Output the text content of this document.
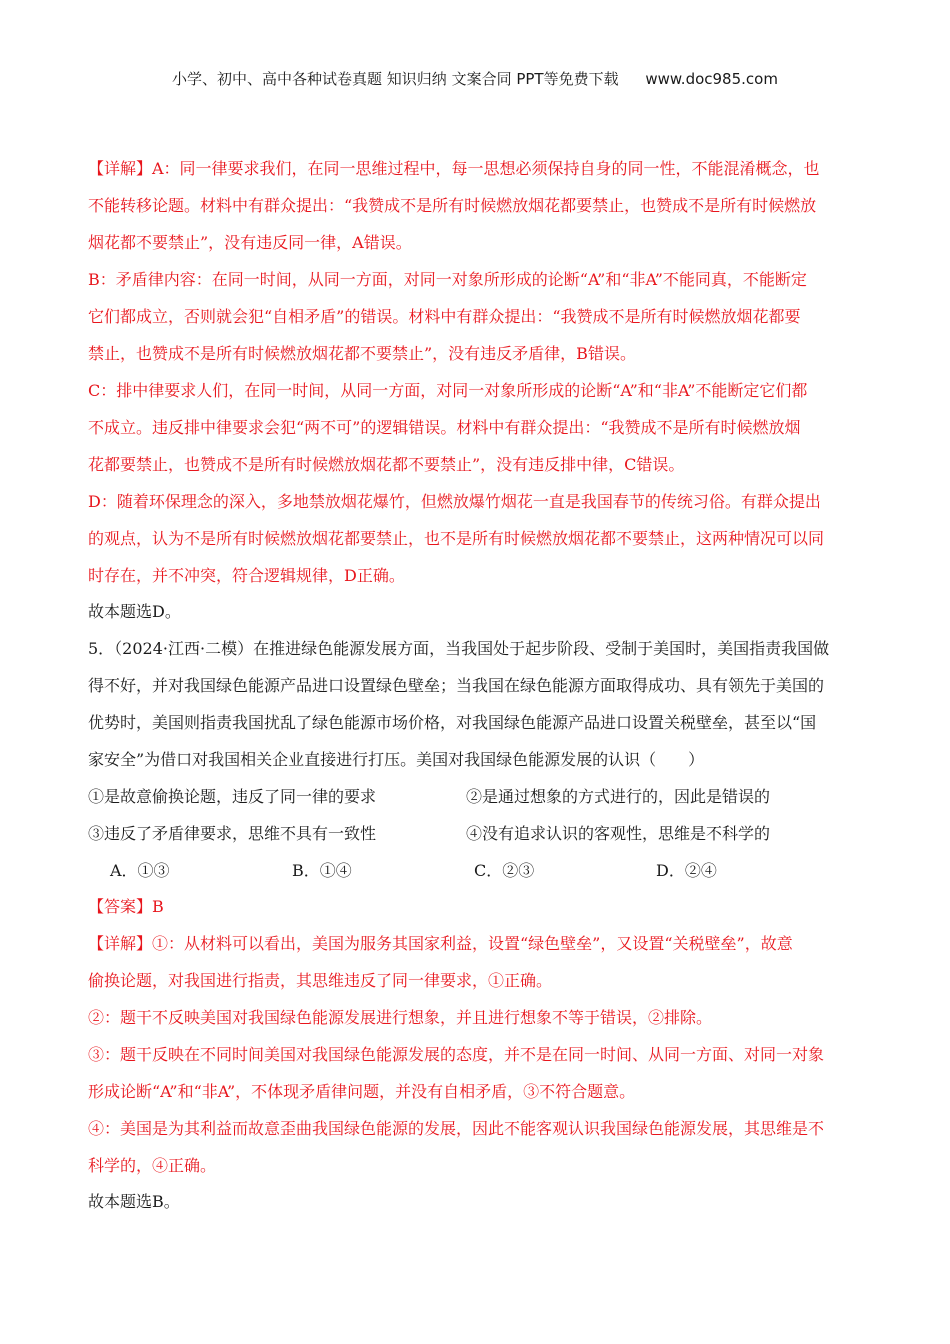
小学、初中、高中各种试卷真题 知识归纳 文案合同 PPT等免费下载 www.doc985.com
【详解】A：同一律要求我们，在同一思维过程中，每一思想必须保持自身的同一性，不能混淆概念，也
不能转移论题。材料中有群众提出：“我赞成不是所有时候燃放烟花都要禁止，也赞成不是所有时候燃放
烟花都不要禁止”，没有违反同一律，A错误。
B：矛盾律内容：在同一时间，从同一方面，对同一对象所形成的论断“A”和“非A”不能同真，不能断定
它们都成立，否则就会犯“自相矛盾”的错误。材料中有群众提出：“我赞成不是所有时候燃放烟花都要
禁止，也赞成不是所有时候燃放烟花都不要禁止”，没有违反矛盾律，B错误。
C：排中律要求人们，在同一时间，从同一方面，对同一对象所形成的论断“A”和“非A”不能断定它们都
不成立。违反排中律要求会犯“两不可”的逻辑错误。材料中有群众提出：“我赞成不是所有时候燃放烟
花都要禁止，也赞成不是所有时候燃放烟花都不要禁止”，没有违反排中律，C错误。
D：随着环保理念的深入，多地禁放烟花爆竹，但燃放爆竹烟花一直是我国春节的传统习俗。有群众提出
的观点，认为不是所有时候燃放烟花都要禁止，也不是所有时候燃放烟花都不要禁止，这两种情况可以同
时存在，并不冲突，符合逻辑规律，D正确。
故本题选D。
5．（2024·江西·二模）在推进绿色能源发展方面，当我国处于起步阶段、受制于美国时，美国指责我国做
得不好，并对我国绿色能源产品进口设置绿色壁垒；当我国在绿色能源方面取得成功、具有领先于美国的
优势时，美国则指责我国扰乱了绿色能源市场价格，对我国绿色能源产品进口设置关税壁垒，甚至以“国
家安全”为借口对我国相关企业直接进行打压。美国对我国绿色能源发展的认识（　　）
①是故意偷换论题，违反了同一律的要求	②是通过想象的方式进行的，因此是错误的
③违反了矛盾律要求，思维不具有一致性	④没有追求认识的客观性，思维是不科学的
A．①③	B．①④	C．②③	D．②④
【答案】B
【详解】①：从材料可以看出，美国为服务其国家利益，设置“绿色壁垒”，又设置“关税壁垒”，故意
偷换论题，对我国进行指责，其思维违反了同一律要求，①正确。
②：题干不反映美国对我国绿色能源发展进行想象，并且进行想象不等于错误，②排除。
③：题干反映在不同时间美国对我国绿色能源发展的态度，并不是在同一时间、从同一方面、对同一对象
形成论断“A”和“非A”，不体现矛盾律问题，并没有自相矛盾，③不符合题意。
④：美国是为其利益而故意歪曲我国绿色能源的发展，因此不能客观认识我国绿色能源发展，其思维是不
科学的，④正确。
故本题选B。
